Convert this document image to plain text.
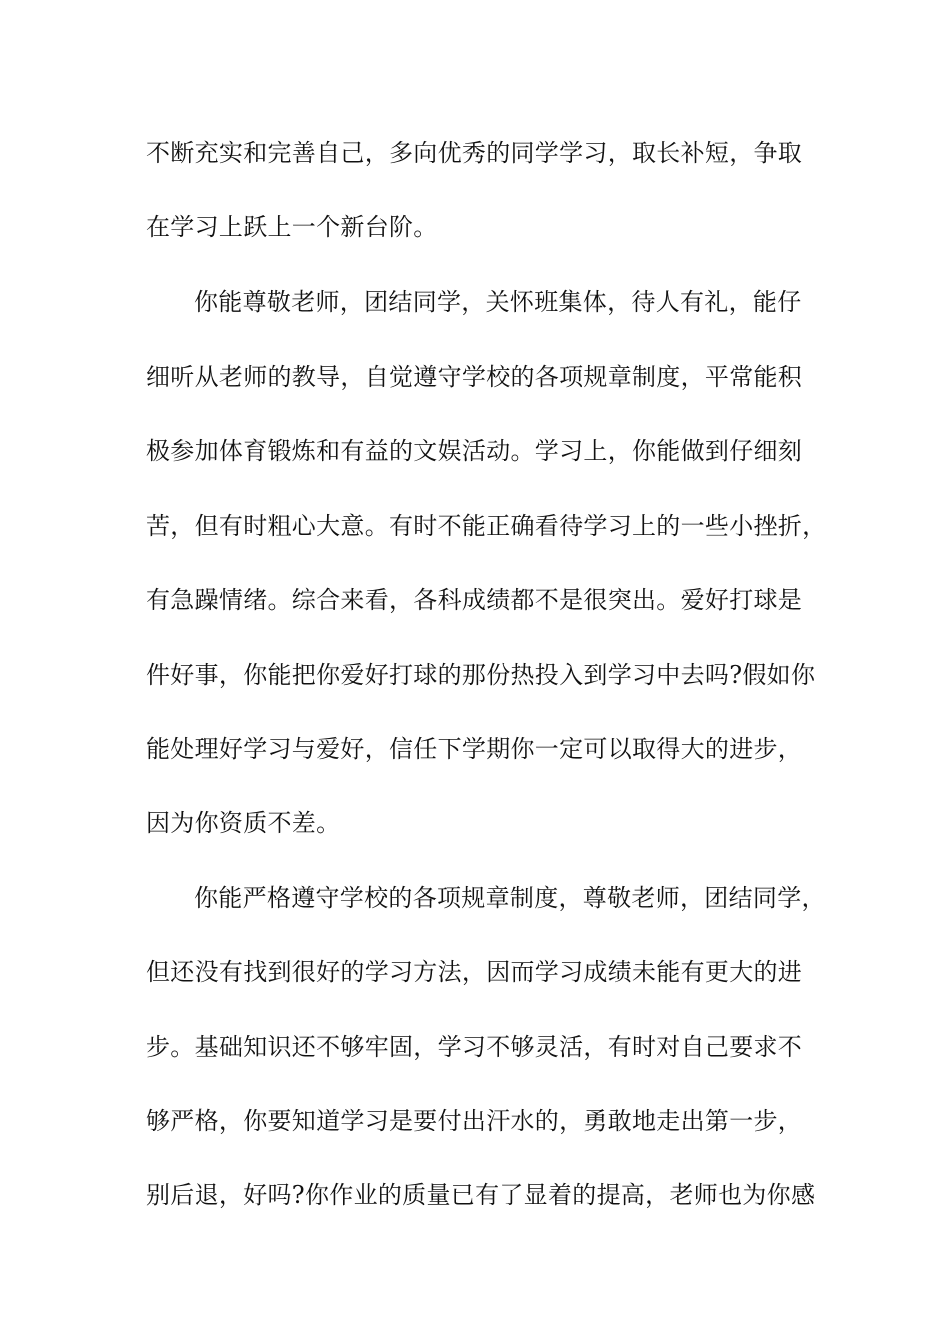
不断充实和完善自己，多向优秀的同学学习，取长补短，争取
在学习上跃上一个新台阶。
你能尊敬老师，团结同学，关怀班集体，待人有礼，能仔
细听从老师的教导，自觉遵守学校的各项规章制度，平常能积
极参加体育锻炼和有益的文娱活动。学习上，你能做到仔细刻
苦，但有时粗心大意。有时不能正确看待学习上的一些小挫折，
有急躁情绪。综合来看，各科成绩都不是很突出。爱好打球是
件好事，你能把你爱好打球的那份热投入到学习中去吗?假如你
能处理好学习与爱好，信任下学期你一定可以取得大的进步，
因为你资质不差。
你能严格遵守学校的各项规章制度，尊敬老师，团结同学，
但还没有找到很好的学习方法，因而学习成绩未能有更大的进
步。基础知识还不够牢固，学习不够灵活，有时对自己要求不
够严格，你要知道学习是要付出汗水的，勇敢地走出第一步，
别后退，好吗?你作业的质量已有了显着的提高，老师也为你感
